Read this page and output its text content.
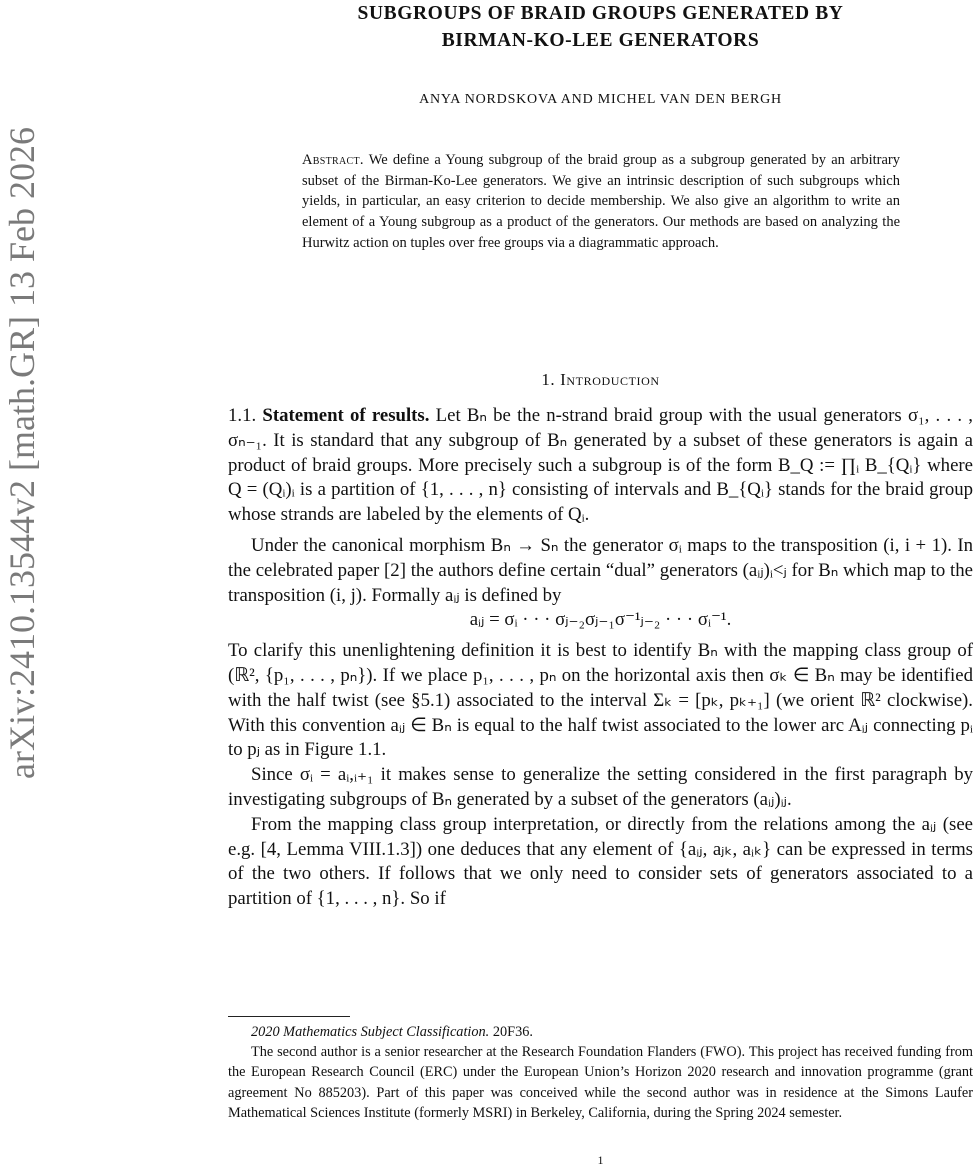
arXiv:2410.13544v2 [math.GR] 13 Feb 2026
SUBGROUPS OF BRAID GROUPS GENERATED BY
BIRMAN-KO-LEE GENERATORS
ANYA NORDSKOVA AND MICHEL VAN DEN BERGH
Abstract. We define a Young subgroup of the braid group as a subgroup generated by an arbitrary subset of the Birman-Ko-Lee generators. We give an intrinsic description of such subgroups which yields, in particular, an easy criterion to decide membership. We also give an algorithm to write an element of a Young subgroup as a product of the generators. Our methods are based on analyzing the Hurwitz action on tuples over free groups via a diagrammatic approach.
1. Introduction

1.1. Statement of results. Let Bₙ be the n-strand braid group with the usual generators σ₁, . . . , σₙ₋₁. It is standard that any subgroup of Bₙ generated by a subset of these generators is again a product of braid groups. More precisely such a subgroup is of the form B_Q := ∏ᵢ B_{Qᵢ} where Q = (Qᵢ)ᵢ is a partition of {1, . . . , n} consisting of intervals and B_{Qᵢ} stands for the braid group whose strands are labeled by the elements of Qᵢ.

Under the canonical morphism Bₙ → Sₙ the generator σᵢ maps to the transposition (i, i + 1). In the celebrated paper [2] the authors define certain “dual” generators (aᵢⱼ)ᵢ<ⱼ for Bₙ which map to the transposition (i, j). Formally aᵢⱼ is defined by

aᵢⱼ = σᵢ · · · σⱼ₋₂σⱼ₋₁σ⁻¹ⱼ₋₂ · · · σᵢ⁻¹.

To clarify this unenlightening definition it is best to identify Bₙ with the mapping class group of (ℝ², {p₁, . . . , pₙ}). If we place p₁, . . . , pₙ on the horizontal axis then σₖ ∈ Bₙ may be identified with the half twist (see §5.1) associated to the interval Σₖ = [pₖ, pₖ₊₁] (we orient ℝ² clockwise). With this convention aᵢⱼ ∈ Bₙ is equal to the half twist associated to the lower arc Aᵢⱼ connecting pᵢ to pⱼ as in Figure 1.1.

Since σᵢ = aᵢ,ᵢ₊₁ it makes sense to generalize the setting considered in the first paragraph by investigating subgroups of Bₙ generated by a subset of the generators (aᵢⱼ)ᵢⱼ.

From the mapping class group interpretation, or directly from the relations among the aᵢⱼ (see e.g. [4, Lemma VIII.1.3]) one deduces that any element of {aᵢⱼ, aⱼₖ, aᵢₖ} can be expressed in terms of the two others. If follows that we only need to consider sets of generators associated to a partition of {1, . . . , n}. So if

2020 Mathematics Subject Classification. 20F36.

The second author is a senior researcher at the Research Foundation Flanders (FWO). This project has received funding from the European Research Council (ERC) under the European Union’s Horizon 2020 research and innovation programme (grant agreement No 885203). Part of this paper was conceived while the second author was in residence at the Simons Laufer Mathematical Sciences Institute (formerly MSRI) in Berkeley, California, during the Spring 2024 semester.

1
